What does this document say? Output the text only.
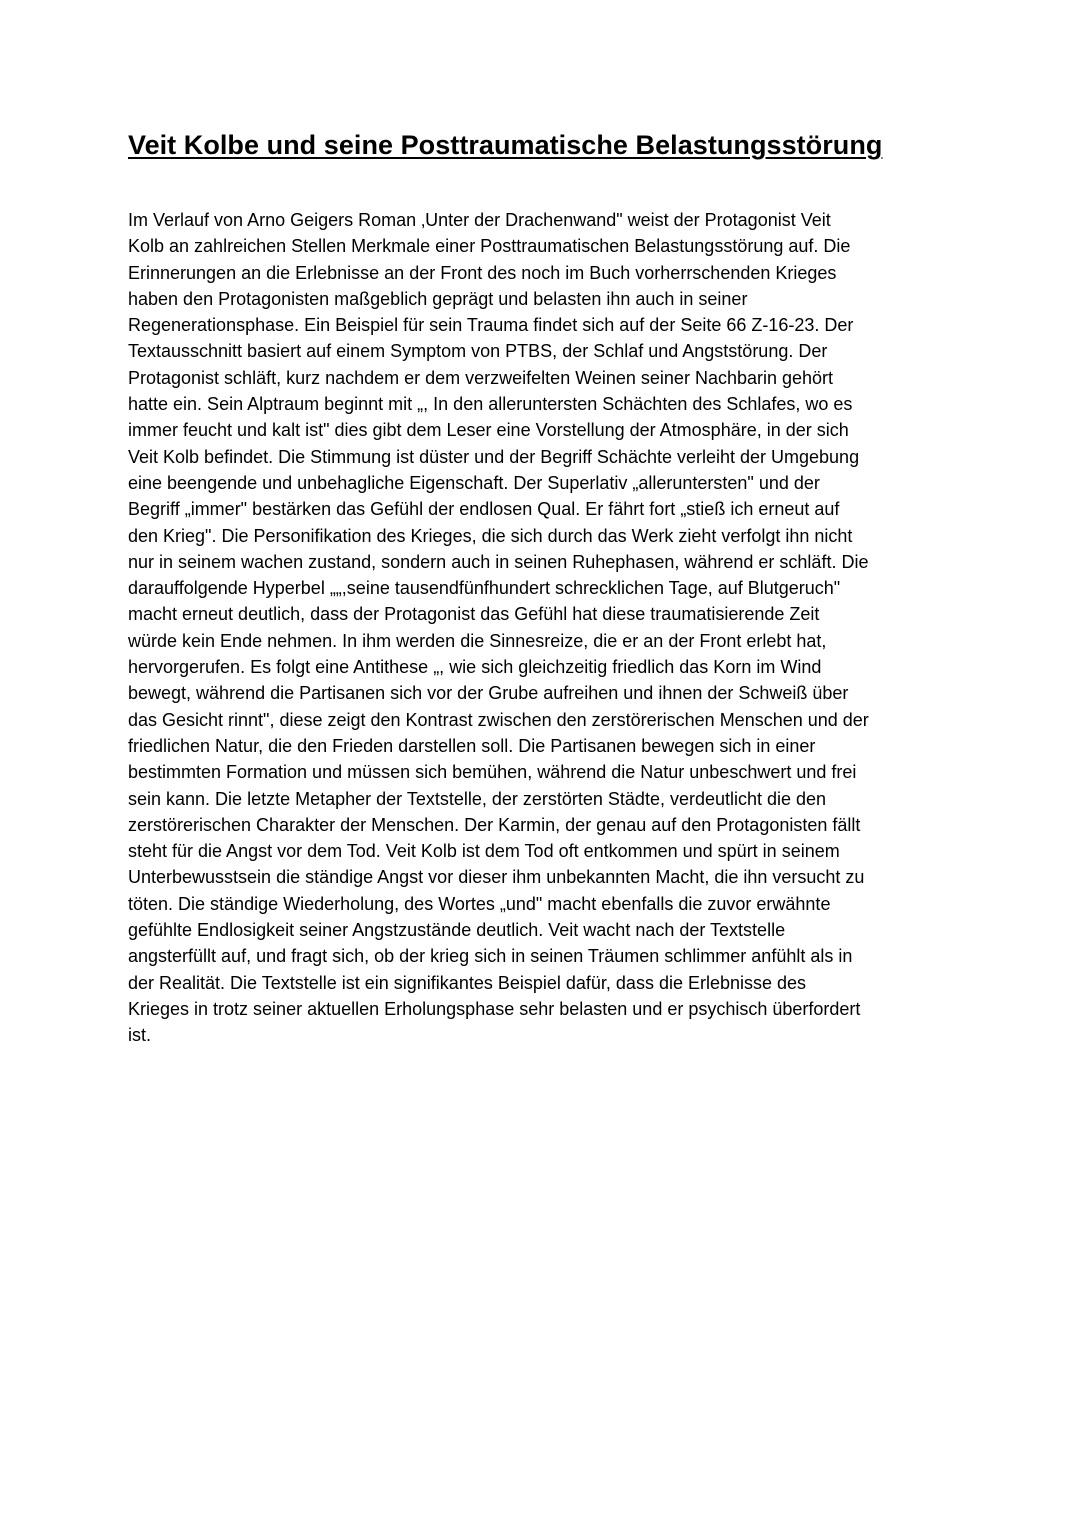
Veit Kolbe und seine Posttraumatische Belastungsstörung
Im Verlauf von Arno Geigers Roman ‚Unter der Drachenwand" weist der Protagonist Veit
Kolb an zahlreichen Stellen Merkmale einer Posttraumatischen Belastungsstörung auf. Die
Erinnerungen an die Erlebnisse an der Front des noch im Buch vorherrschenden Krieges
haben den Protagonisten maßgeblich geprägt und belasten ihn auch in seiner
Regenerationsphase. Ein Beispiel für sein Trauma findet sich auf der Seite 66 Z-16-23. Der
Textausschnitt basiert auf einem Symptom von PTBS, der Schlaf und Angststörung. Der
Protagonist schläft, kurz nachdem er dem verzweifelten Weinen seiner Nachbarin gehört
hatte ein. Sein Alptraum beginnt mit „, In den alleruntersten Schächten des Schlafes, wo es
immer feucht und kalt ist" dies gibt dem Leser eine Vorstellung der Atmosphäre, in der sich
Veit Kolb befindet. Die Stimmung ist düster und der Begriff Schächte verleiht der Umgebung
eine beengende und unbehagliche Eigenschaft. Der Superlativ „alleruntersten" und der
Begriff „immer" bestärken das Gefühl der endlosen Qual. Er fährt fort „stieß ich erneut auf
den Krieg". Die Personifikation des Krieges, die sich durch das Werk zieht verfolgt ihn nicht
nur in seinem wachen zustand, sondern auch in seinen Ruhephasen, während er schläft. Die
darauffolgende Hyperbel „„,seine tausendfünfhundert schrecklichen Tage, auf Blutgeruch"
macht erneut deutlich, dass der Protagonist das Gefühl hat diese traumatisierende Zeit
würde kein Ende nehmen. In ihm werden die Sinnesreize, die er an der Front erlebt hat,
hervorgerufen. Es folgt eine Antithese „, wie sich gleichzeitig friedlich das Korn im Wind
bewegt, während die Partisanen sich vor der Grube aufreihen und ihnen der Schweiß über
das Gesicht rinnt", diese zeigt den Kontrast zwischen den zerstörerischen Menschen und der
friedlichen Natur, die den Frieden darstellen soll. Die Partisanen bewegen sich in einer
bestimmten Formation und müssen sich bemühen, während die Natur unbeschwert und frei
sein kann. Die letzte Metapher der Textstelle, der zerstörten Städte, verdeutlicht die den
zerstörerischen Charakter der Menschen. Der Karmin, der genau auf den Protagonisten fällt
steht für die Angst vor dem Tod. Veit Kolb ist dem Tod oft entkommen und spürt in seinem
Unterbewusstsein die ständige Angst vor dieser ihm unbekannten Macht, die ihn versucht zu
töten. Die ständige Wiederholung, des Wortes „und" macht ebenfalls die zuvor erwähnte
gefühlte Endlosigkeit seiner Angstzustände deutlich. Veit wacht nach der Textstelle
angsterfüllt auf, und fragt sich, ob der krieg sich in seinen Träumen schlimmer anfühlt als in
der Realität. Die Textstelle ist ein signifikantes Beispiel dafür, dass die Erlebnisse des
Krieges in trotz seiner aktuellen Erholungsphase sehr belasten und er psychisch überfordert
ist.
